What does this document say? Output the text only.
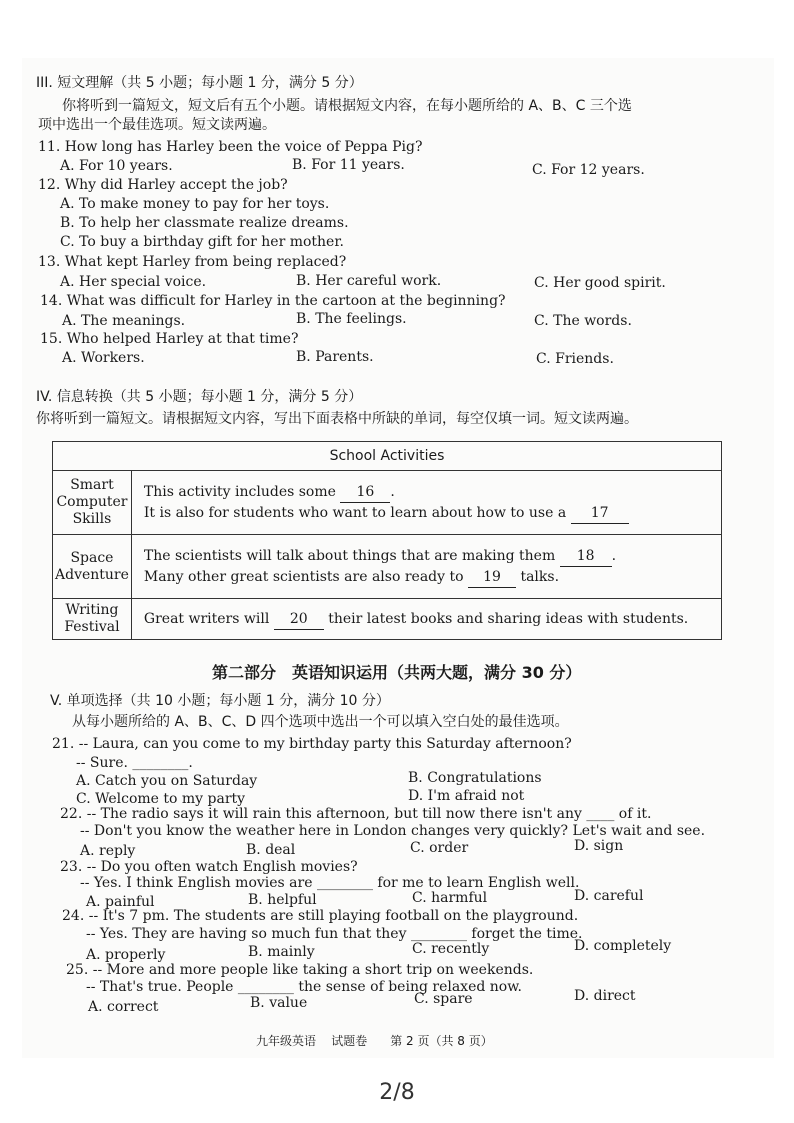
III. 短文理解（共 5 小题；每小题 1 分，满分 5 分）
你将听到一篇短文，短文后有五个小题。请根据短文内容，在每小题所给的 A、B、C 三个选
项中选出一个最佳选项。短文读两遍。
11. How long has Harley been the voice of Peppa Pig?
A. For 10 years.	B. For 11 years.	C. For 12 years.
12. Why did Harley accept the job?
A. To make money to pay for her toys.
B. To help her classmate realize dreams.
C. To buy a birthday gift for her mother.
13. What kept Harley from being replaced?
A. Her special voice.	B. Her careful work.	C. Her good spirit.
14. What was difficult for Harley in the cartoon at the beginning?
A. The meanings.	B. The feelings.	C. The words.
15. Who helped Harley at that time?
A. Workers.	B. Parents.	C. Friends.
IV. 信息转换（共 5 小题；每小题 1 分，满分 5 分）
你将听到一篇短文。请根据短文内容，写出下面表格中所缺的单词，每空仅填一词。短文读两遍。
School Activities	
Smart Computer Skills	This activity includes some 16 .
It is also for students who want to learn about how to use a 17

Space Adventure	The scientists will talk about things that are making them 18 .
Many other great scientists are also ready to 19 talks.

Writing Festival	Great writers will 20 their latest books and sharing ideas with students.
第二部分　英语知识运用（共两大题，满分 30 分）
V. 单项选择（共 10 小题；每小题 1 分，满分 10 分）
从每小题所给的 A、B、C、D 四个选项中选出一个可以填入空白处的最佳选项。
21. -- Laura, can you come to my birthday party this Saturday afternoon?
-- Sure. ________.
A. Catch you on Saturday	B. Congratulations
C. Welcome to my party	D. I'm afraid not
22. -- The radio says it will rain this afternoon, but till now there isn't any ____ of it.
-- Don't you know the weather here in London changes very quickly? Let's wait and see.
A. reply	B. deal	C. order	D. sign
23. -- Do you often watch English movies?
-- Yes. I think English movies are ________ for me to learn English well.
A. painful	B. helpful	C. harmful	D. careful
24. -- It's 7 pm. The students are still playing football on the playground.
-- Yes. They are having so much fun that they ________ forget the time.
A. properly	B. mainly	C. recently	D. completely
25. -- More and more people like taking a short trip on weekends.
-- That's true. People ________ the sense of being relaxed now.
A. correct	B. value	C. spare	D. direct
九年级英语 试题卷 第 2 页（共 8 页）
2/8
